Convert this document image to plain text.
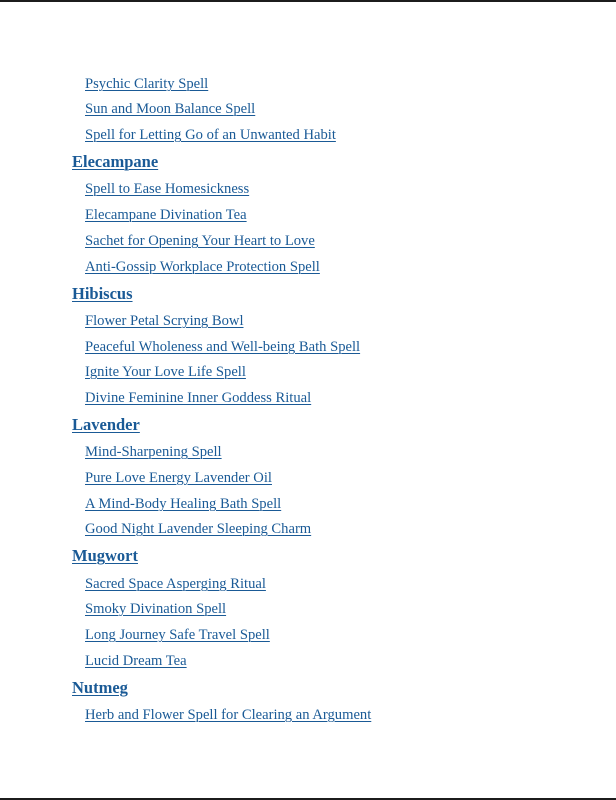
Psychic Clarity Spell
Sun and Moon Balance Spell
Spell for Letting Go of an Unwanted Habit
Elecampane
Spell to Ease Homesickness
Elecampane Divination Tea
Sachet for Opening Your Heart to Love
Anti-Gossip Workplace Protection Spell
Hibiscus
Flower Petal Scrying Bowl
Peaceful Wholeness and Well-being Bath Spell
Ignite Your Love Life Spell
Divine Feminine Inner Goddess Ritual
Lavender
Mind-Sharpening Spell
Pure Love Energy Lavender Oil
A Mind-Body Healing Bath Spell
Good Night Lavender Sleeping Charm
Mugwort
Sacred Space Asperging Ritual
Smoky Divination Spell
Long Journey Safe Travel Spell
Lucid Dream Tea
Nutmeg
Herb and Flower Spell for Clearing an Argument
